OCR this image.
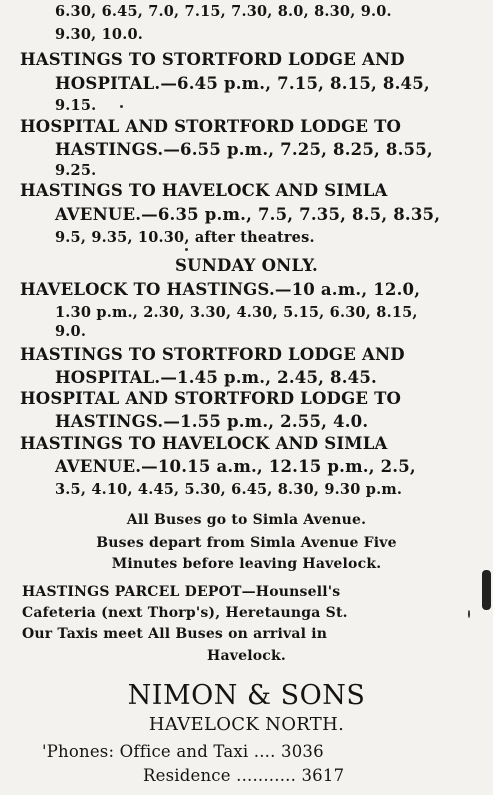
6.30, 6.45, 7.0, 7.15, 7.30, 8.0, 8.30, 9.0.
9.30, 10.0.
HASTINGS TO STORTFORD LODGE AND
HOSPITAL.—6.45 p.m., 7.15, 8.15, 8.45,
9.15.
HOSPITAL AND STORTFORD LODGE TO
HASTINGS.—6.55 p.m., 7.25, 8.25, 8.55,
9.25.
HASTINGS TO HAVELOCK AND SIMLA
AVENUE.—6.35 p.m., 7.5, 7.35, 8.5, 8.35,
9.5, 9.35, 10.30, after theatres.
SUNDAY ONLY.
HAVELOCK TO HASTINGS.—10 a.m., 12.0,
1.30 p.m., 2.30, 3.30, 4.30, 5.15, 6.30, 8.15,
9.0.
HASTINGS TO STORTFORD LODGE AND
HOSPITAL.—1.45 p.m., 2.45, 8.45.
HOSPITAL AND STORTFORD LODGE TO
HASTINGS.—1.55 p.m., 2.55, 4.0.
HASTINGS TO HAVELOCK AND SIMLA
AVENUE.—10.15 a.m., 12.15 p.m., 2.5,
3.5, 4.10, 4.45, 5.30, 6.45, 8.30, 9.30 p.m.
All Buses go to Simla Avenue.
Buses depart from Simla Avenue Five
Minutes before leaving Havelock.
HASTINGS PARCEL DEPOT—Hounsell's
Cafeteria (next Thorp's), Heretaunga St.
Our Taxis meet All Buses on arrival in
Havelock.
NIMON & SONS
HAVELOCK NORTH.
'Phones: Office and Taxi .... 3036
Residence ........... 3617
